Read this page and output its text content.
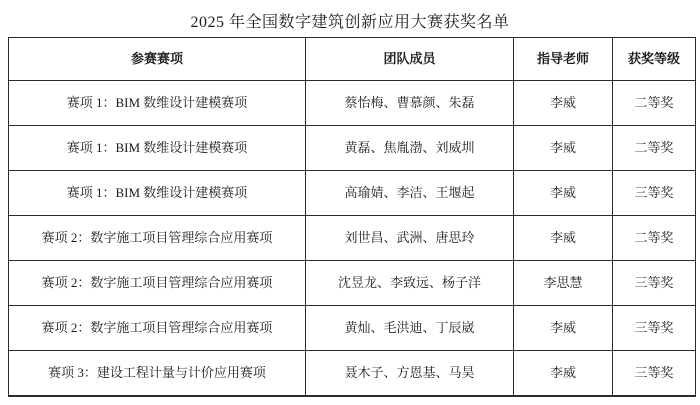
2025 年全国数字建筑创新应用大赛获奖名单
参赛赛项	团队成员	指导老师	获奖等级
赛项 1：BIM 数维设计建模赛项	蔡怡梅、曹慕颜、朱磊	李威	二等奖
赛项 1：BIM 数维设计建模赛项	黄磊、焦胤渤、刘威圳	李威	二等奖
赛项 1：BIM 数维设计建模赛项	高瑜婧、李洁、王堰起	李威	三等奖
赛项 2：数字施工项目管理综合应用赛项	刘世昌、武洲、唐思玲	李威	二等奖
赛项 2：数字施工项目管理综合应用赛项	沈昱龙、李致远、杨子洋	李思慧	三等奖
赛项 2：数字施工项目管理综合应用赛项	黄灿、毛洪迪、丁辰崴	李威	三等奖
赛项 3：建设工程计量与计价应用赛项	聂木子、方恩基、马昊	李威	三等奖
